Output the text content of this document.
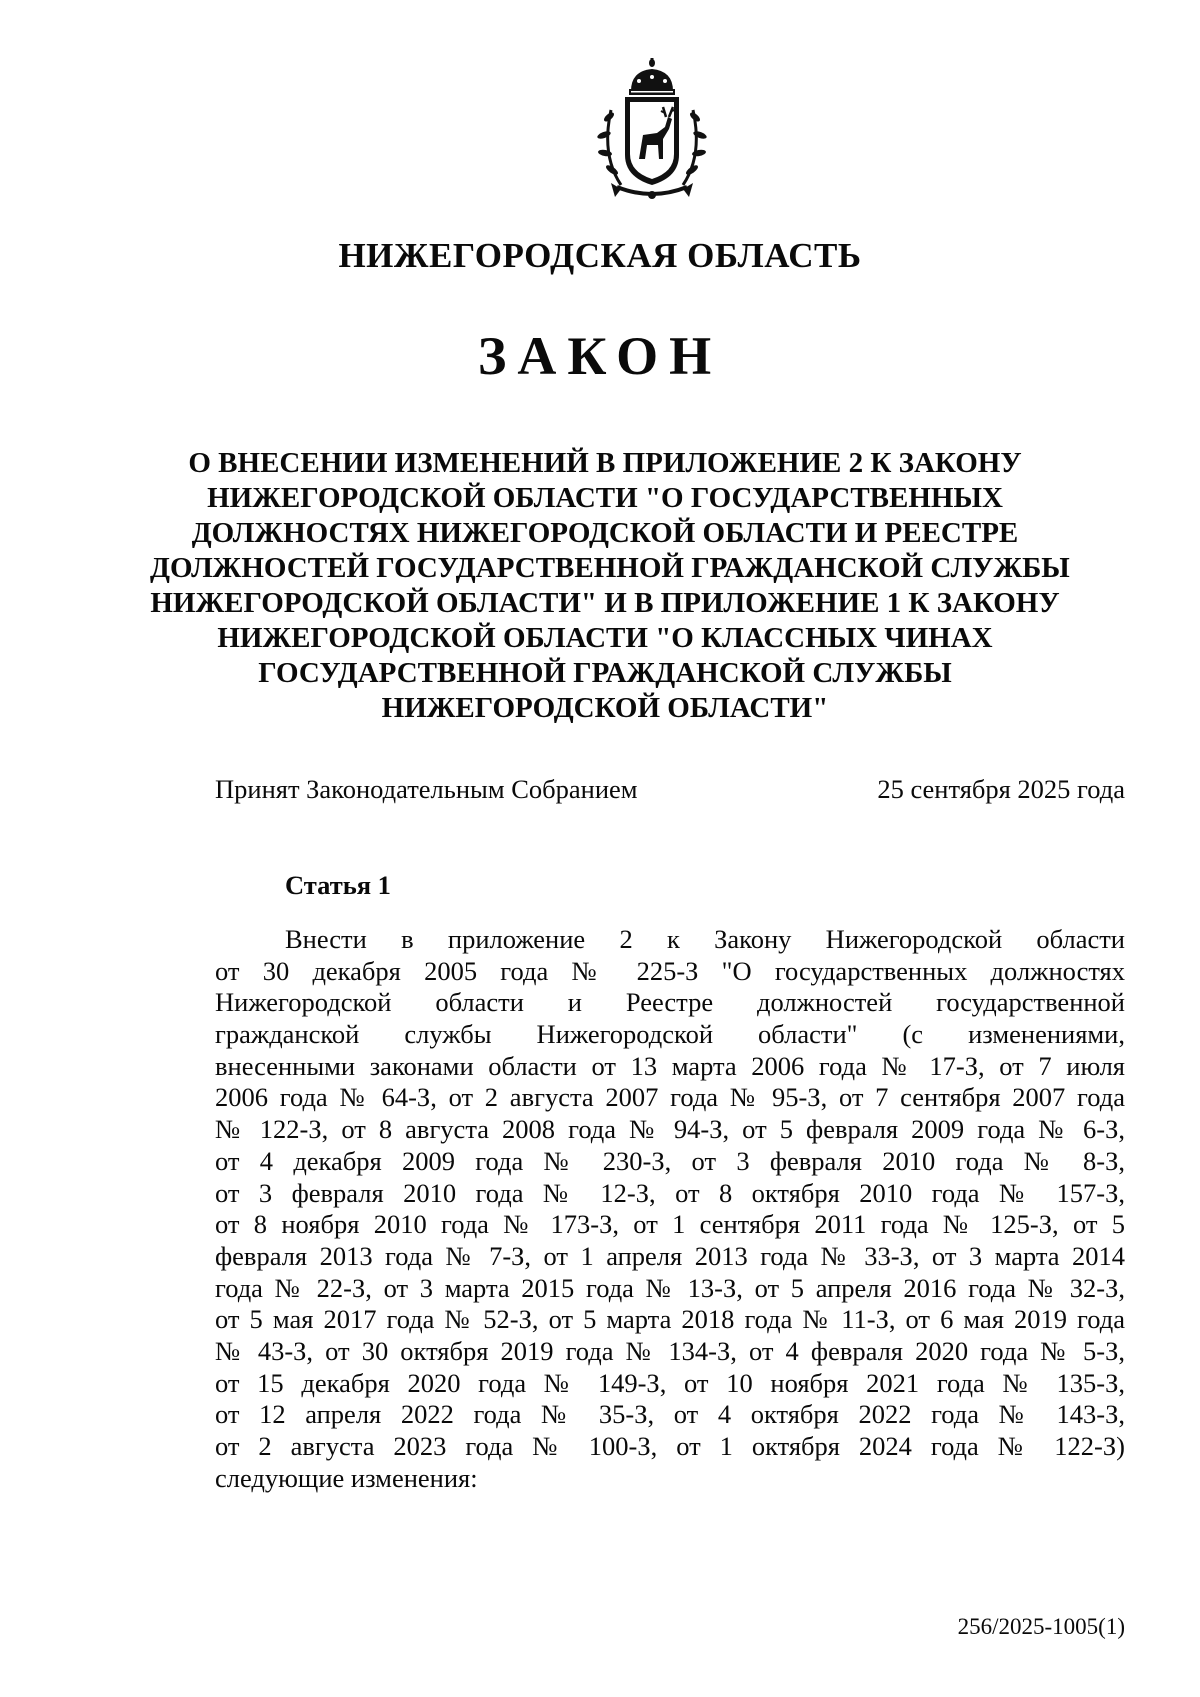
НИЖЕГОРОДСКАЯ ОБЛАСТЬ
ЗАКОН
О ВНЕСЕНИИ ИЗМЕНЕНИЙ В ПРИЛОЖЕНИЕ 2 К ЗАКОНУ
НИЖЕГОРОДСКОЙ ОБЛАСТИ "О ГОСУДАРСТВЕННЫХ
ДОЛЖНОСТЯХ НИЖЕГОРОДСКОЙ ОБЛАСТИ И РЕЕСТРЕ
ДОЛЖНОСТЕЙ ГОСУДАРСТВЕННОЙ ГРАЖДАНСКОЙ СЛУЖБЫ
НИЖЕГОРОДСКОЙ ОБЛАСТИ" И В ПРИЛОЖЕНИЕ 1 К ЗАКОНУ
НИЖЕГОРОДСКОЙ ОБЛАСТИ "О КЛАССНЫХ ЧИНАХ
ГОСУДАРСТВЕННОЙ ГРАЖДАНСКОЙ СЛУЖБЫ
НИЖЕГОРОДСКОЙ ОБЛАСТИ"
Принят Законодательным Собранием	25 сентября 2025 года
Статья 1
Внести в приложение 2 к Закону Нижегородской области
от 30 декабря 2005 года № 225-З "О государственных должностях
Нижегородской области и Реестре должностей государственной
гражданской службы Нижегородской области" (с изменениями,
внесенными законами области от 13 марта 2006 года № 17-З, от 7 июля
2006 года № 64-З, от 2 августа 2007 года № 95-З, от 7 сентября 2007 года
№ 122-З, от 8 августа 2008 года № 94-З, от 5 февраля 2009 года № 6-З,
от 4 декабря 2009 года № 230-З, от 3 февраля 2010 года № 8-З,
от 3 февраля 2010 года № 12-З, от 8 октября 2010 года № 157-З,
от 8 ноября 2010 года № 173-З, от 1 сентября 2011 года № 125-З, от 5
февраля 2013 года № 7-З, от 1 апреля 2013 года № 33-З, от 3 марта 2014
года № 22-З, от 3 марта 2015 года № 13-З, от 5 апреля 2016 года № 32-З,
от 5 мая 2017 года № 52-З, от 5 марта 2018 года № 11-З, от 6 мая 2019 года
№ 43-З, от 30 октября 2019 года № 134-З, от 4 февраля 2020 года № 5-З,
от 15 декабря 2020 года № 149-З, от 10 ноября 2021 года № 135-З,
от 12 апреля 2022 года № 35-З, от 4 октября 2022 года № 143-З,
от 2 августа 2023 года № 100-З, от 1 октября 2024 года № 122-З)
следующие изменения:
256/2025-1005(1)
